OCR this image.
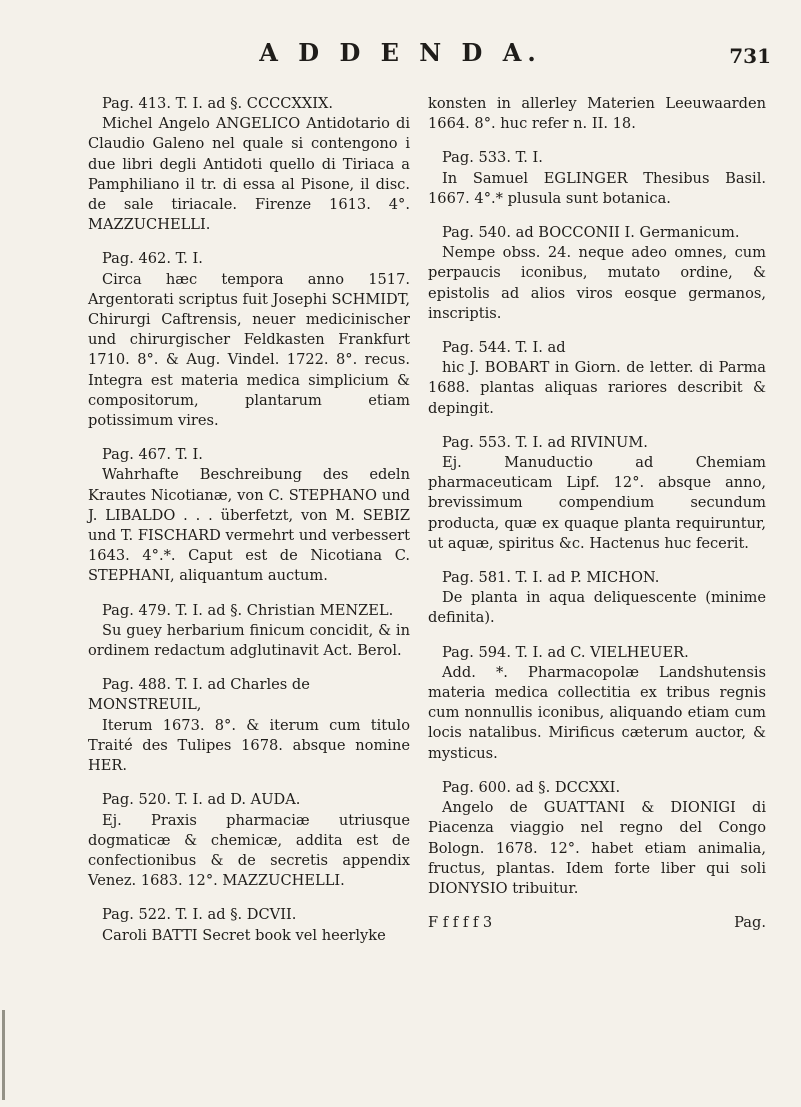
A D D E N D A.	731
Pag. 413. T. I. ad §. CCCCXXIX.

Michel Angelo ANGELICO Antidotario di Claudio Galeno nel quale si contengono i due libri degli Antidoti quello di Tiriaca a Pamphiliano il tr. di essa al Pisone, il disc. de sale tiriacale. Firenze 1613. 4°. MAZZUCHELLI.

Pag. 462. T. I.

Circa hæc tempora anno 1517. Argentorati scriptus fuit Josephi SCHMIDT, Chirurgi Caftrensis, neuer medicinischer und chirurgischer Feldkasten Frankfurt 1710. 8°. & Aug. Vindel. 1722. 8°. recus. Integra est materia medica simplicium & compositorum, plantarum etiam potissimum vires.

Pag. 467. T. I.

Wahrhafte Beschreibung des edeln Krautes Nicotianæ, von C. STEPHANO und J. LIBALDO . . . überfetzt, von M. SEBIZ und T. FISCHARD vermehrt und verbessert 1643. 4°.*. Caput est de Nicotiana C. STEPHANI, aliquantum auctum.

Pag. 479. T. I. ad §. Christian MENZEL.

Su guey herbarium finicum concidit, & in ordinem redactum adglutinavit Act. Berol.

Pag. 488. T. I. ad Charles de MONSTREUIL,

Iterum 1673. 8°. & iterum cum titulo Traité des Tulipes 1678. absque nomine HER.

Pag. 520. T. I. ad D. AUDA.

Ej. Praxis pharmaciæ utriusque dogmaticæ & chemicæ, addita est de confectionibus & de secretis appendix Venez. 1683. 12°. MAZZUCHELLI.

Pag. 522. T. I. ad §. DCVII.

Caroli BATTI Secret book vel heerlyke

konsten in allerley Materien Leeuwaarden 1664. 8°. huc refer n. II. 18.

Pag. 533. T. I.

In Samuel EGLINGER Thesibus Basil. 1667. 4°.* plusula sunt botanica.

Pag. 540. ad BOCCONII I. Germanicum.

Nempe obss. 24. neque adeo omnes, cum perpaucis iconibus, mutato ordine, & epistolis ad alios viros eosque germanos, inscriptis.

Pag. 544. T. I. ad

hic J. BOBART in Giorn. de letter. di Parma 1688. plantas aliquas rariores describit & depingit.

Pag. 553. T. I. ad RIVINUM.

Ej. Manuductio ad Chemiam pharmaceuticam Lipf. 12°. absque anno, brevissimum compendium secundum producta, quæ ex quaque planta requiruntur, ut aquæ, spiritus &c. Hactenus huc fecerit.

Pag. 581. T. I. ad P. MICHON.

De planta in aqua deliquescente (minime definita).

Pag. 594. T. I. ad C. VIELHEUER.

Add. *. Pharmacopolæ Landshutensis materia medica collectitia ex tribus regnis cum nonnullis iconibus, aliquando etiam cum locis natalibus. Mirificus cæterum auctor, & mysticus.

Pag. 600. ad §. DCCXXI.

Angelo de GUATTANI & DIONIGI di Piacenza viaggio nel regno del Congo Bologn. 1678. 12°. habet etiam animalia, fructus, plantas. Idem forte liber qui soli DIONYSIO tribuitur.

F f f f f 3	Pag.
